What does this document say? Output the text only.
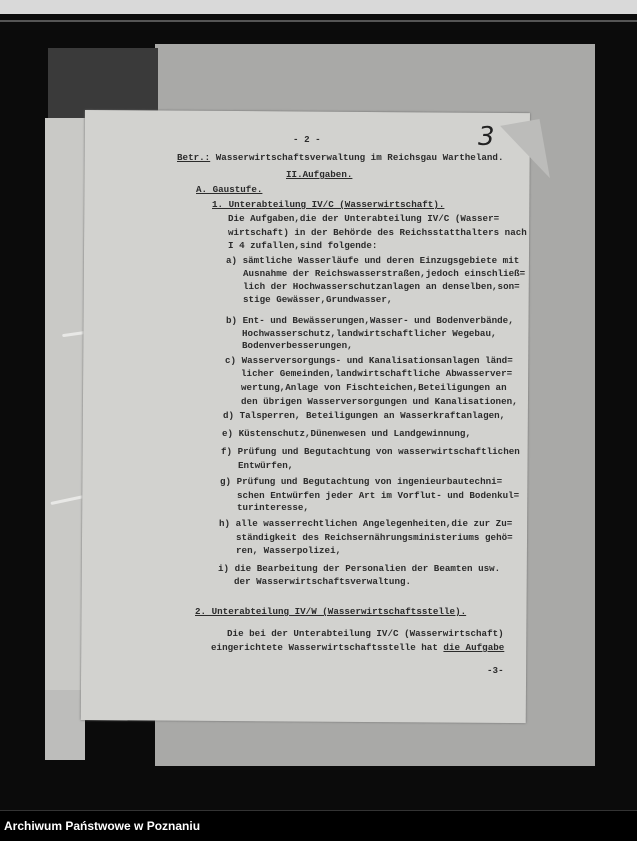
3
- 2 -
Betr.: Wasserwirtschaftsverwaltung im Reichsgau Wartheland.
II.Aufgaben.
A. Gaustufe.
1. Unterabteilung IV/C (Wasserwirtschaft).
Die Aufgaben,die der Unterabteilung IV/C (Wasser=
wirtschaft) in der Behörde des Reichsstatthalters nach
I 4 zufallen,sind folgende:
a) sämtliche Wasserläufe und deren Einzugsgebiete mit
Ausnahme der Reichswasserstraßen,jedoch einschließ=
lich der Hochwasserschutzanlagen an denselben,son=
stige Gewässer,Grundwasser,
b) Ent- und Bewässerungen,Wasser- und Bodenverbände,
Hochwasserschutz,landwirtschaftlicher Wegebau,
Bodenverbesserungen,
c) Wasserversorgungs- und Kanalisationsanlagen länd=
licher Gemeinden,landwirtschaftliche Abwasserver=
wertung,Anlage von Fischteichen,Beteiligungen an
den übrigen Wasserversorgungen und Kanalisationen,
d) Talsperren, Beteiligungen an Wasserkraftanlagen,
e) Küstenschutz,Dünenwesen und Landgewinnung,
f) Prüfung und Begutachtung von wasserwirtschaftlichen
Entwürfen,
g) Prüfung und Begutachtung von ingenieurbautechni=
schen Entwürfen jeder Art im Vorflut- und Bodenkul=
turinteresse,
h) alle wasserrechtlichen Angelegenheiten,die zur Zu=
ständigkeit des Reichsernährungsministeriums gehö=
ren, Wasserpolizei,
i) die Bearbeitung der Personalien der Beamten usw.
der Wasserwirtschaftsverwaltung.
2. Unterabteilung IV/W (Wasserwirtschaftsstelle).
Die bei der Unterabteilung IV/C (Wasserwirtschaft)
eingerichtete Wasserwirtschaftsstelle hat die Aufgabe
-3-
Archiwum Państwowe w Poznaniu
